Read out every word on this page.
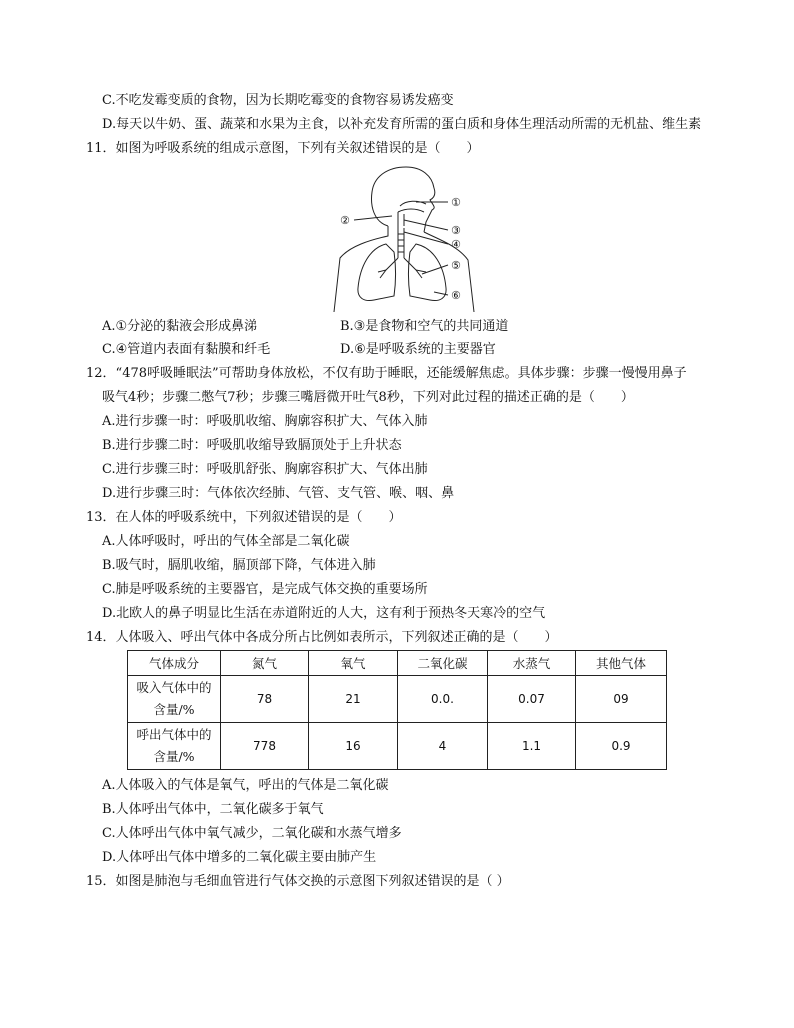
C.不吃发霉变质的食物，因为长期吃霉变的食物容易诱发癌变
D.每天以牛奶、蛋、蔬菜和水果为主食，以补充发育所需的蛋白质和身体生理活动所需的无机盐、维生素
11．如图为呼吸系统的组成示意图，下列有关叙述错误的是（　　）
①
②
③
④
⑤
⑥
A.①分泌的黏液会形成鼻涕	B.③是食物和空气的共同通道
C.④管道内表面有黏膜和纤毛	D.⑥是呼吸系统的主要器官
12．“478呼吸睡眠法”可帮助身体放松，不仅有助于睡眠，还能缓解焦虑。具体步骤：步骤一慢慢用鼻子
吸气4秒；步骤二憋气7秒；步骤三嘴唇微开吐气8秒，下列对此过程的描述正确的是（　　）
A.进行步骤一时：呼吸肌收缩、胸廓容积扩大、气体入肺
B.进行步骤二时：呼吸肌收缩导致膈顶处于上升状态
C.进行步骤三时：呼吸肌舒张、胸廓容积扩大、气体出肺
D.进行步骤三时：气体依次经肺、气管、支气管、喉、咽、鼻
13．在人体的呼吸系统中，下列叙述错误的是（　　）
A.人体呼吸时，呼出的气体全部是二氧化碳
B.吸气时，膈肌收缩，膈顶部下降，气体进入肺
C.肺是呼吸系统的主要器官，是完成气体交换的重要场所
D.北欧人的鼻子明显比生活在赤道附近的人大，这有利于预热冬天寒冷的空气
14．人体吸入、呼出气体中各成分所占比例如表所示，下列叙述正确的是（　　）
气体成分	氮气	氧气	二氧化碳	水蒸气	其他气体

吸入气体中的
含量/%	78	21	0.0.	0.07	09

呼出气体中的
含量/%	778	16	4	1.1	0.9
A.人体吸入的气体是氧气，呼出的气体是二氧化碳
B.人体呼出气体中，二氧化碳多于氧气
C.人体呼出气体中氧气减少，二氧化碳和水蒸气增多
D.人体呼出气体中增多的二氧化碳主要由肺产生
15．如图是肺泡与毛细血管进行气体交换的示意图下列叙述错误的是（ ）
